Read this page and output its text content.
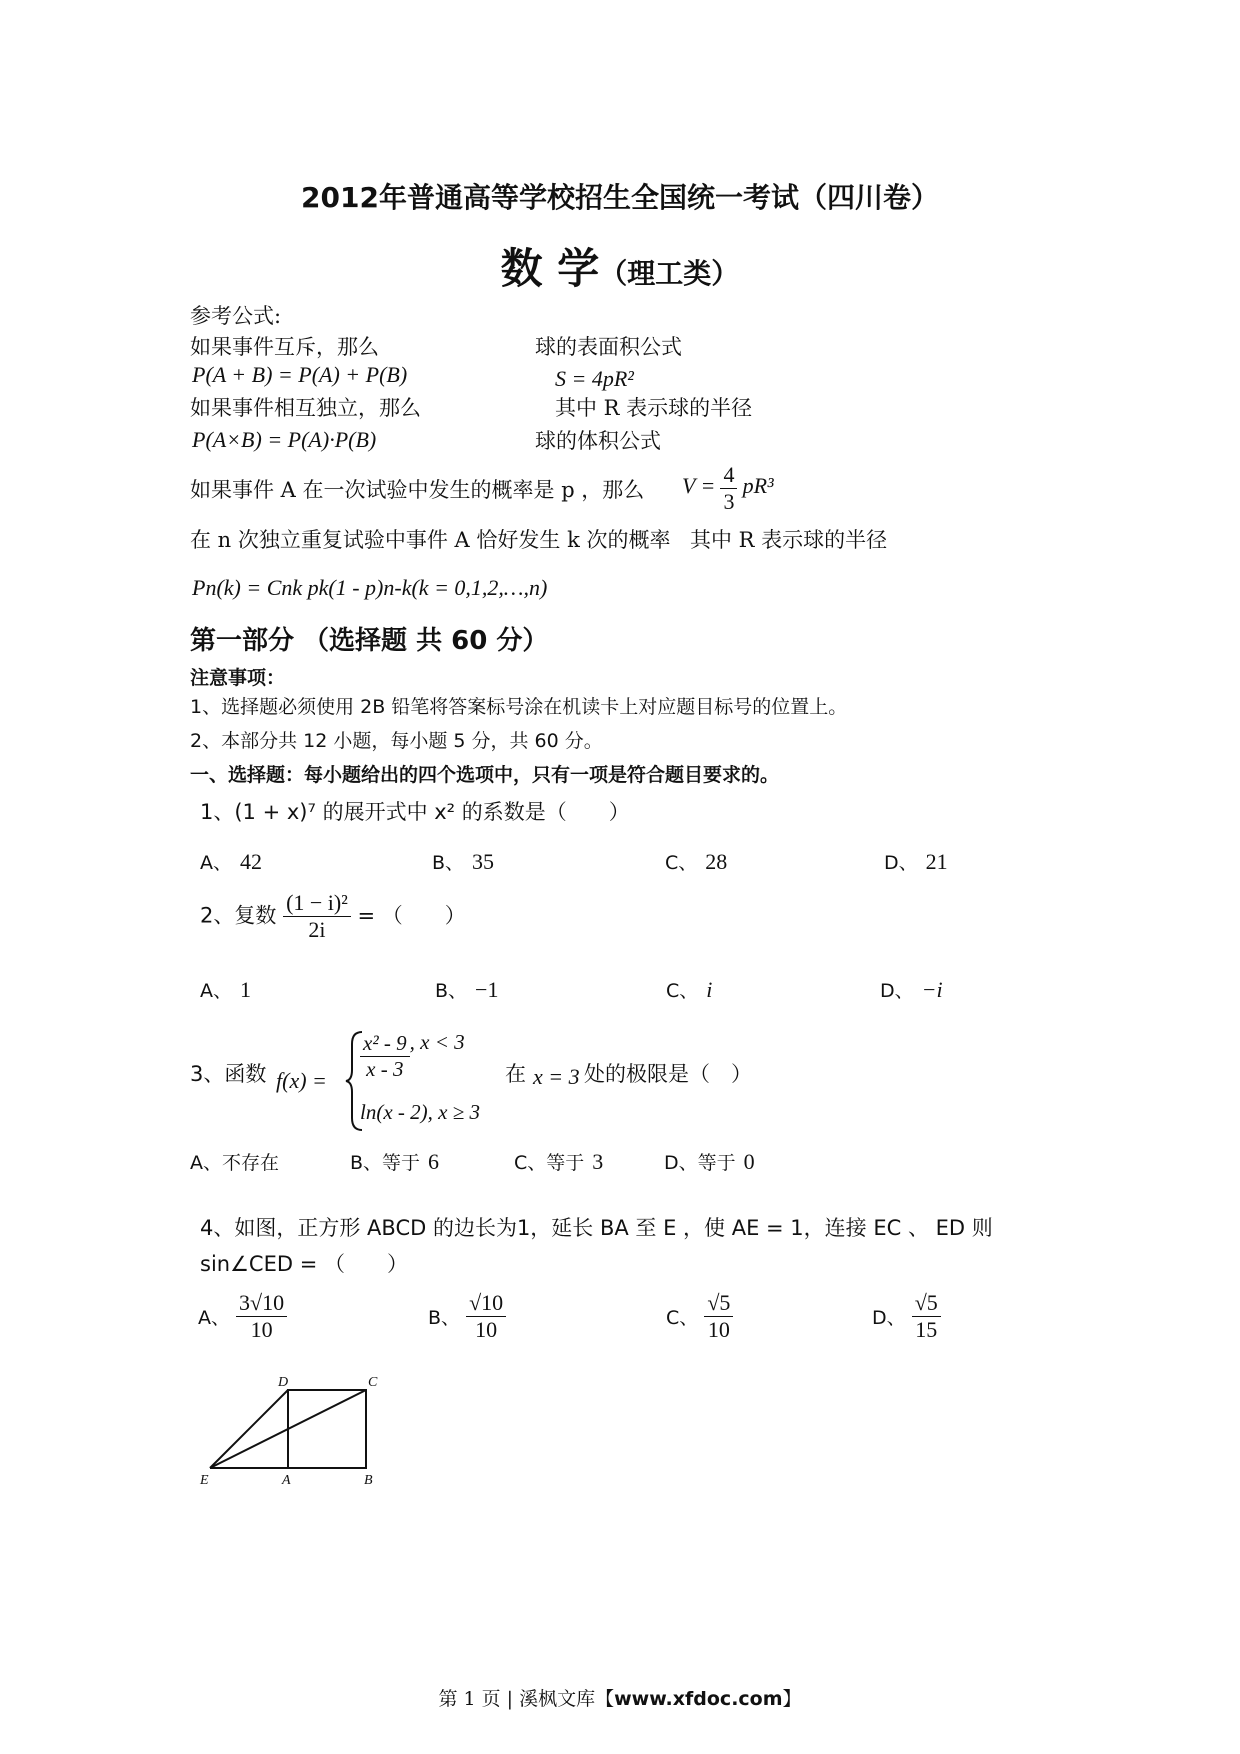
2012年普通高等学校招生全国统一考试（四川卷）
数 学（理工类）
参考公式:
如果事件互斥，那么	球的表面积公式
P(A + B) = P(A) + P(B)	S = 4pR²
如果事件相互独立，那么	其中 R 表示球的半径
P(A×B) = P(A)·P(B)	球的体积公式
如果事件 A 在一次试验中发生的概率是 p ，那么 $V = \frac{4}{3} pR^3$
在 n 次独立重复试验中事件 A 恰好发生 k 次的概率 其中 R 表示球的半径
Pn(k) = Cnk pk(1 - p)n-k(k = 0,1,2,…,n)
第一部分 （选择题 共 60 分）
注意事项：
1、选择题必须使用 2B 铅笔将答案标号涂在机读卡上对应题目标号的位置上。
2、本部分共 12 小题，每小题 5 分，共 60 分。
一、选择题：每小题给出的四个选项中，只有一项是符合题目要求的。
1、(1 + x)⁷ 的展开式中 x² 的系数是（　　）
A、 42	B、 35	C、 28	D、 21
2、复数 $\frac{\text{(1 − i)²}}{2i}$ = （　　）
A、 1	B、 −1	C、 i	D、 −i
3、函数 $f(x) = \frac{\text{x² - 9}}{x - 3}$ , x < 3
ln(x - 2), x ≥ 3
在 x = 3 处的极限是（　）
A、不存在	B、等于 6	C、等于 3	D、等于 0
4、如图，正方形 ABCD 的边长为1，延长 BA 至 E ，使 AE = 1，连接 EC 、 ED 则
sin∠CED = （　　）
A、 $\frac{3√10}{10}$	B、 $\frac{√10}{10}$	C、 $\frac{√5}{10}$	D、 $\frac{√5}{15}$
D	C
E	A	B
第 1 页 | 溪枫文库【www.xfdoc.com】
